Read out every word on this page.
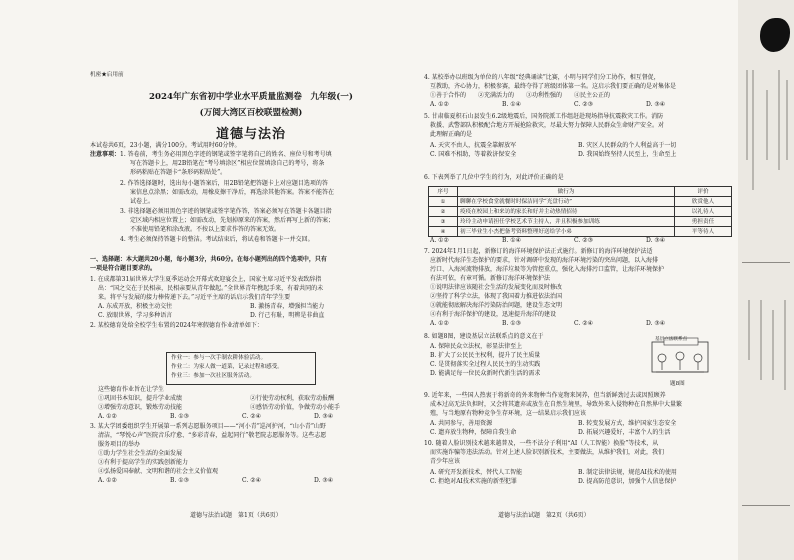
机密★启用前
2024年广东省初中学业水平质量监测卷　九年级(一)
(万阅大湾区百校联盟检测)
道德与法治
本试卷共6页，23小题，满分100分。考试用时60分钟。
注意事项： 1. 答卷前，考生务必用黑色字迹的钢笔或签字笔将自己的姓名、座位号和考号填
写在答题卡上，用2B铅笔在“考号填涂区”相应位置填涂自己的考号，将条
形码粘贴在答题卡“条形码粘贴处”。
2. 作答选择题时，选出每小题答案后，用2B铅笔把答题卡上对应题目选项的答
案信息点涂黑；如需改动，用橡皮擦干净后，再选涂其他答案。答案不能答在
试卷上。
3. 非选择题必须用黑色字迹的钢笔或签字笔作答，答案必须写在答题卡各题目指
定区域内相应位置上；如需改动，先划掉原来的答案，然后再写上新的答案；
不准使用铅笔和涂改液。不按以上要求作答的答案无效。
4. 考生必须保持答题卡的整洁。考试结束后，将试卷和答题卡一并交回。
一、选择题：本大题共20小题，每小题3分，共60分。在每小题列出的四个选项中，只有
一项是符合题目要求的。
1. 在成都第31届世界大学生夏季运动会开幕式欢迎宴会上，国家主席习近平发表致辞指
出：“国之交在于民相亲，民相亲要从青年做起。”全世界青年携起手来，有着共同的未
来。将平与发展的接力棒传递下去。”习近平主席的话启示我们青年学生要
A. 东成开放，积极主动交往	B. 激扬青春，增强担当能力
C. 放眼世界，学习多种语言	D. 行己有耻，明辨是非曲直
2. 某校德育处给全校学生布置的2024年寒假德育作业清单如下：
作业一：参与一次手制农耕体验活动。
作业二：为家人做一道菜，记录过程和感受。
作业三：参加一次社区服务活动。
这些德育作业旨在让学生
①巩固书本知识，提升学业成绩	②行使劳动权利，获取劳动报酬
③增强劳动意识，锻炼劳动技能	④感悟劳动价值，争做劳动小能手
A. ①②	B. ①③	C. ②④	D. ③④
3. 某大学团委组织学生开展第一系列志愿服务项目——“河小青”巡河护河，“山小青”山野
清洁，“琴悦心声”医院音乐疗愈、“多彩青春，益起同行”敬老院志愿服务等。这些志愿
服务项目的举办
①助力学生社会生活的全面发展
③有利于提高学生的实践创新能力
④弘扬爱国奉献、文明和谐的社会主义价值观
A. ①②	B. ①③	C. ②④	D. ③④
道德与法治试题　第1页（共6页）
4. 某校举办以班级为单位的八年级“经典诵读”比赛，小明与同学们分工协作，相互督促，
互教助，齐心协力，积极参赛，最终夺得了班级团体第一名。这启示我们要正确的是对集体是
①善于合作的　　②充满活力的　　③功利性强的　　④民主公正的
A. ①②	B. ①④	C. ②③	D. ③④
5. 甘肃临夏积石山县发生6.2级地震后，国务院派工作组赶赴现场指导抗震救灾工作。消防
救援、武警部队积极配合地方开展抢险救灾，尽最大努力保障人民群众生命财产安全。对
此理解正确的是
A. 天灾不由人，抗震全靠解放军	B. 灾区人民群众的个人利益高于一切
C. 国难不相助，等着救济保安全	D. 我国始终坚持人民至上，生命至上
6. 下表列举了几位中学生的行为，对此评价正确的是
序号	做行为	评价
①	聊聊在学校食堂就餐时时保洁同学“光盘行动”	欣赏他人
②	疫疫在校园上和来访的家长和好并主动热情招待	以礼待人
③	玲玲主动申请担任学校艺术节主持人，并且积极参加训练	勇担责任
④	初三毕业生小杰把备考资料整理好送给学小弟	平等待人
A. ①②	B. ①④	C. ②③	D. ③④
7. 2024年1月1日起，新修订的海洋环境保护法正式施行。新修订的海洋环境保护法适
应新时代海洋生态保护的要求，针对调研中发现的海洋环境污染的突出问题，以入海排
污口、入海河流物排放，海洋垃圾等为管控重点，强化入海排污口监管，让海洋环境保护
有法可依，有章可循。新修订海洋环境保护法
①说明法律应该随社会生活的发展变化而及时修改
②坚持了科学立法，体现了我国着力推进依法治国
③就能彻底解决海洋污染防治问题，建设生态文明
④有利于海洋保护的建设，迅速提升海洋的建设
A. ①②	B. ①③	C. ②④	D. ③④
8. 如题8图，建设基层立法联系点的意义在于
A. 保障民众立法权，彰显法律至上
B. 扩大了公民民主权利，提升了民主质量
C. 是贯彻落实全过程人民民主的生动实践
D. 能满足每一位民众新时代新生活的需求
基层立法联系点
题8图
9. 近年来，一些国人热衷于将新奇的外来物种当作宠物来饲养，但当新鲜劲过去或因照顾养
成本过高无法负担时，又会将其遗弃或放生在自然生境里，导致外来入侵物种在自然界中大量繁
殖，与当地原有物种竞争生存环境，这一结果启示我们应该
A. 共同参与，善用资源	B. 转变发展方式，维护国家生态安全
C. 遗弃放生物种，保障自我生命	D. 拓展兴趣爱好，丰富个人的生活
10. 随着人脸识别技术越来越普及，一些不法分子利用“AI（人工智能）换脸”等技术，从
而实施诈骗等违法活动。针对上述人脸识别新技术，主要做法，从维护我们，对此，我们
青少年应该
A. 研究开发新技术，替代人工智能	B. 制定法律法规，规范AI技术的使用
C. 拒绝对AI技术实施的新型犯罪	D. 提高防范意识，加强个人信息保护
道德与法治试题　第2页（共6页）
